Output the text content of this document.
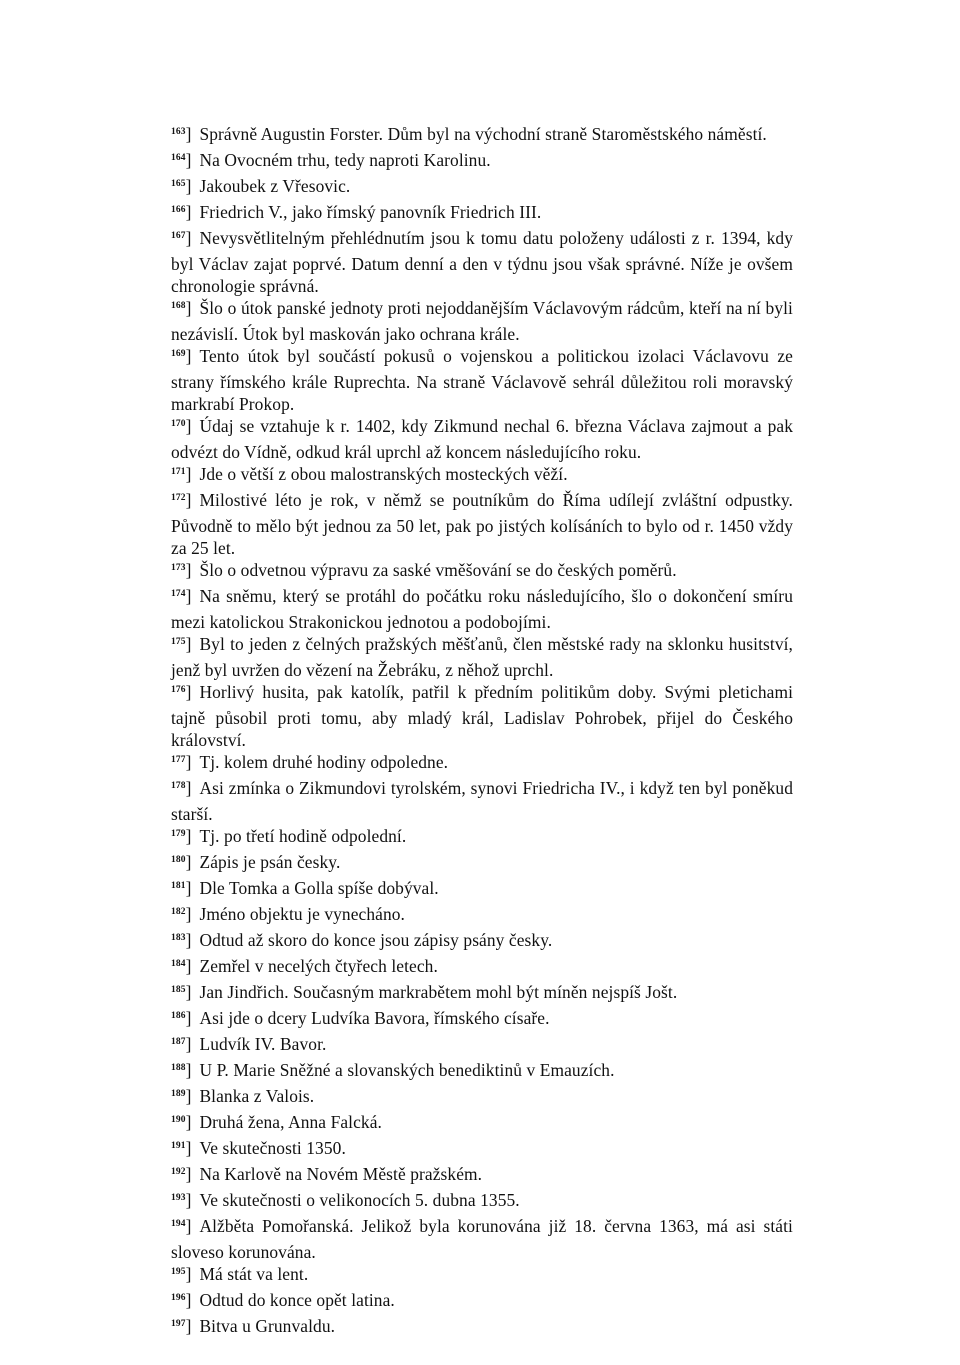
$^{163}$] Správně Augustin Forster. Dům byl na východní straně Staroměstského náměstí.

$^{164}$] Na Ovocném trhu, tedy naproti Karolinu.

$^{165}$] Jakoubek z Vřesovic.

$^{166}$] Friedrich V., jako římský panovník Friedrich III.

$^{167}$] Nevysvětlitelným přehlédnutím jsou k tomu datu položeny události z r. 1394, kdy byl Václav zajat poprvé. Datum denní a den v týdnu jsou však správné. Níže je ovšem chronologie správná.

$^{168}$] Šlo o útok panské jednoty proti nejoddanějším Václavovým rádcům, kteří na ní byli nezávislí. Útok byl maskován jako ochrana krále.

$^{169}$] Tento útok byl součástí pokusů o vojenskou a politickou izolaci Václavovu ze strany římského krále Ruprechta. Na straně Václavově sehrál důležitou roli moravský markrabí Prokop.

$^{170}$] Údaj se vztahuje k r. 1402, kdy Zikmund nechal 6. března Václava zajmout a pak odvézt do Vídně, odkud král uprchl až koncem následujícího roku.

$^{171}$] Jde o větší z obou malostranských mosteckých věží.

$^{172}$] Milostivé léto je rok, v němž se poutníkům do Říma udílejí zvláštní odpustky. Původně to mělo být jednou za 50 let, pak po jistých kolísáních to bylo od r. 1450 vždy za 25 let.

$^{173}$] Šlo o odvetnou výpravu za saské vměšování se do českých poměrů.

$^{174}$] Na sněmu, který se protáhl do počátku roku následujícího, šlo o dokončení smíru mezi katolickou Strakonickou jednotou a podobojími.

$^{175}$] Byl to jeden z čelných pražských měšťanů, člen městské rady na sklonku husitství, jenž byl uvržen do vězení na Žebráku, z něhož uprchl.

$^{176}$] Horlivý husita, pak katolík, patřil k předním politikům doby. Svými pletichami tajně působil proti tomu, aby mladý král, Ladislav Pohrobek, přijel do Českého království.

$^{177}$] Tj. kolem druhé hodiny odpoledne.

$^{178}$] Asi zmínka o Zikmundovi tyrolském, synovi Friedricha IV., i když ten byl poněkud starší.

$^{179}$] Tj. po třetí hodině odpolední.

$^{180}$] Zápis je psán česky.

$^{181}$] Dle Tomka a Golla spíše dobýval.

$^{182}$] Jméno objektu je vynecháno.

$^{183}$] Odtud až skoro do konce jsou zápisy psány česky.

$^{184}$] Zemřel v necelých čtyřech letech.

$^{185}$] Jan Jindřich. Současným markrabětem mohl být míněn nejspíš Jošt.

$^{186}$] Asi jde o dcery Ludvíka Bavora, římského císaře.

$^{187}$] Ludvík IV. Bavor.

$^{188}$] U P. Marie Sněžné a slovanských benediktinů v Emauzích.

$^{189}$] Blanka z Valois.

$^{190}$] Druhá žena, Anna Falcká.

$^{191}$] Ve skutečnosti 1350.

$^{192}$] Na Karlově na Novém Městě pražském.

$^{193}$] Ve skutečnosti o velikonocích 5. dubna 1355.

$^{194}$] Alžběta Pomořanská. Jelikož byla korunována již 18. června 1363, má asi státi sloveso korunována.

$^{195}$] Má stát va lent.

$^{196}$] Odtud do konce opět latina.

$^{197}$] Bitva u Grunvaldu.
